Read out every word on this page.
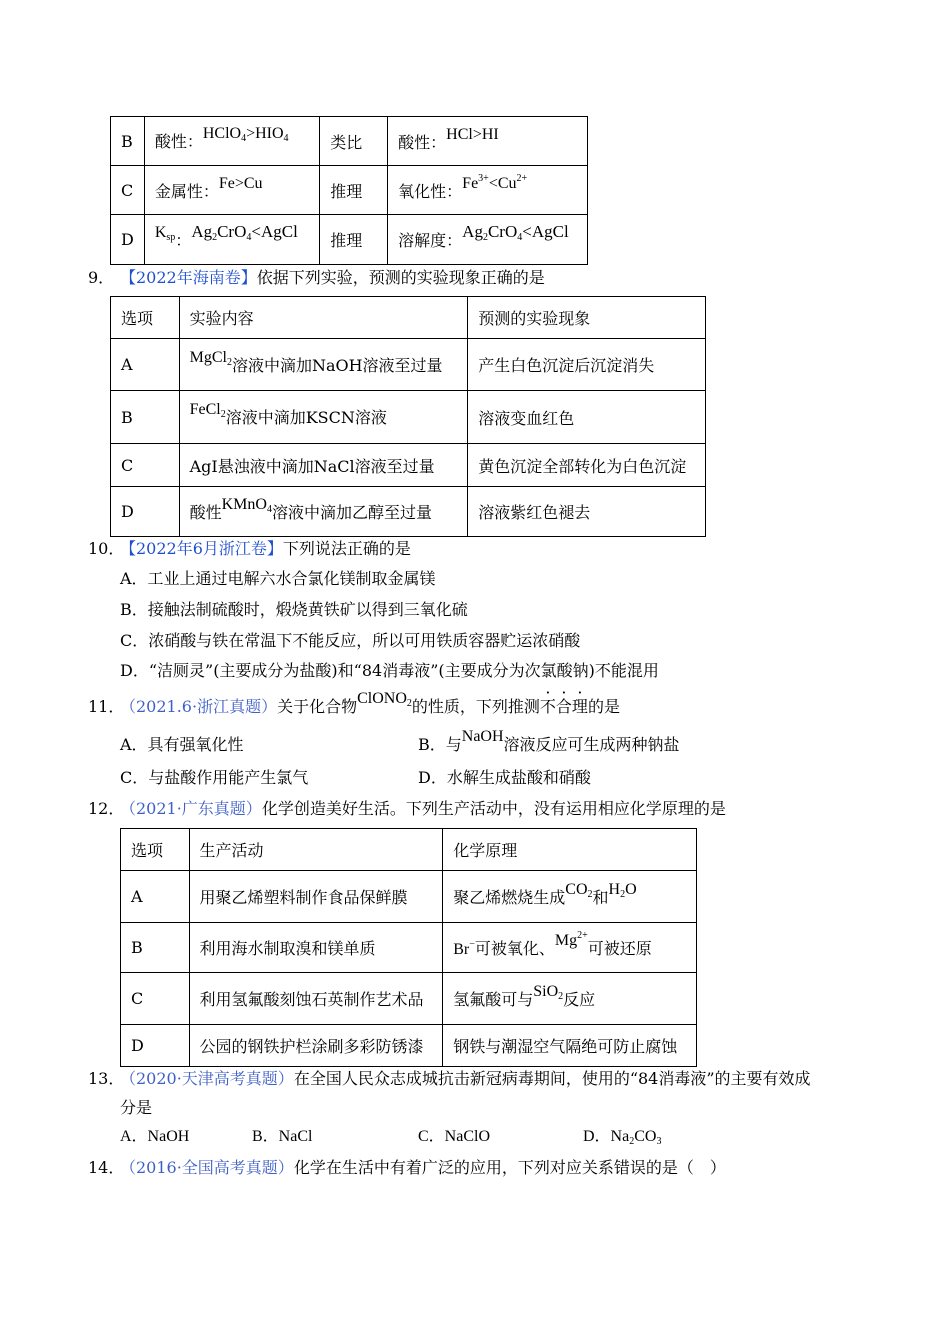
B	酸性：$HClO_4>HIO_4$	类比	酸性：HCl>HI
C	金属性：Fe>Cu	推理	氧化性：$Fe^{3+}<Cu^{2+}$
D	$K_{sp}$：$Ag_2CrO_4<AgCl$	推理	溶解度：$Ag_2CrO_4<AgCl$
9． 【2022年海南卷】依据下列实验，预测的实验现象正确的是
选项	实验内容	预测的实验现象
A	MgCl$_2$溶液中滴加NaOH溶液至过量	产生白色沉淀后沉淀消失
B	FeCl$_2$溶液中滴加KSCN溶液	溶液变血红色
C	AgI悬浊液中滴加NaCl溶液至过量	黄色沉淀全部转化为白色沉淀
D	酸性KMnO$_4$溶液中滴加乙醇至过量	溶液紫红色褪去
10．【2022年6月浙江卷】下列说法正确的是
A．工业上通过电解六水合氯化镁制取金属镁
B．接触法制硫酸时，煅烧黄铁矿以得到三氧化硫
C．浓硝酸与铁在常温下不能反应，所以可用铁质容器贮运浓硝酸
D．“洁厕灵”(主要成分为盐酸)和“84消毒液”(主要成分为次氯酸钠)不能混用
11．（2021.6·浙江真题）关于化合物ClONO$_2$的性质，下列推测不合理的是
A．具有强氧化性	B．与NaOH溶液反应可生成两种钠盐
C．与盐酸作用能产生氯气	D．水解生成盐酸和硝酸
12．（2021·广东真题）化学创造美好生活。下列生产活动中，没有运用相应化学原理的是
选项	生产活动	化学原理
A	用聚乙烯塑料制作食品保鲜膜	聚乙烯燃烧生成$CO_2$和$H_2O$
B	利用海水制取溴和镁单质	Br−可被氧化、$Mg^{2+}$可被还原
C	利用氢氟酸刻蚀石英制作艺术品	氢氟酸可与SiO$_2$反应
D	公园的钢铁护栏涂刷多彩防锈漆	钢铁与潮湿空气隔绝可防止腐蚀
13．（2020·天津高考真题）在全国人民众志成城抗击新冠病毒期间，使用的“84消毒液”的主要有效成
分是
A．NaOH	B．NaCl	C．NaClO	D．$Na_2CO_3$
14．（2016·全国高考真题）化学在生活中有着广泛的应用，下列对应关系错误的是（　）
